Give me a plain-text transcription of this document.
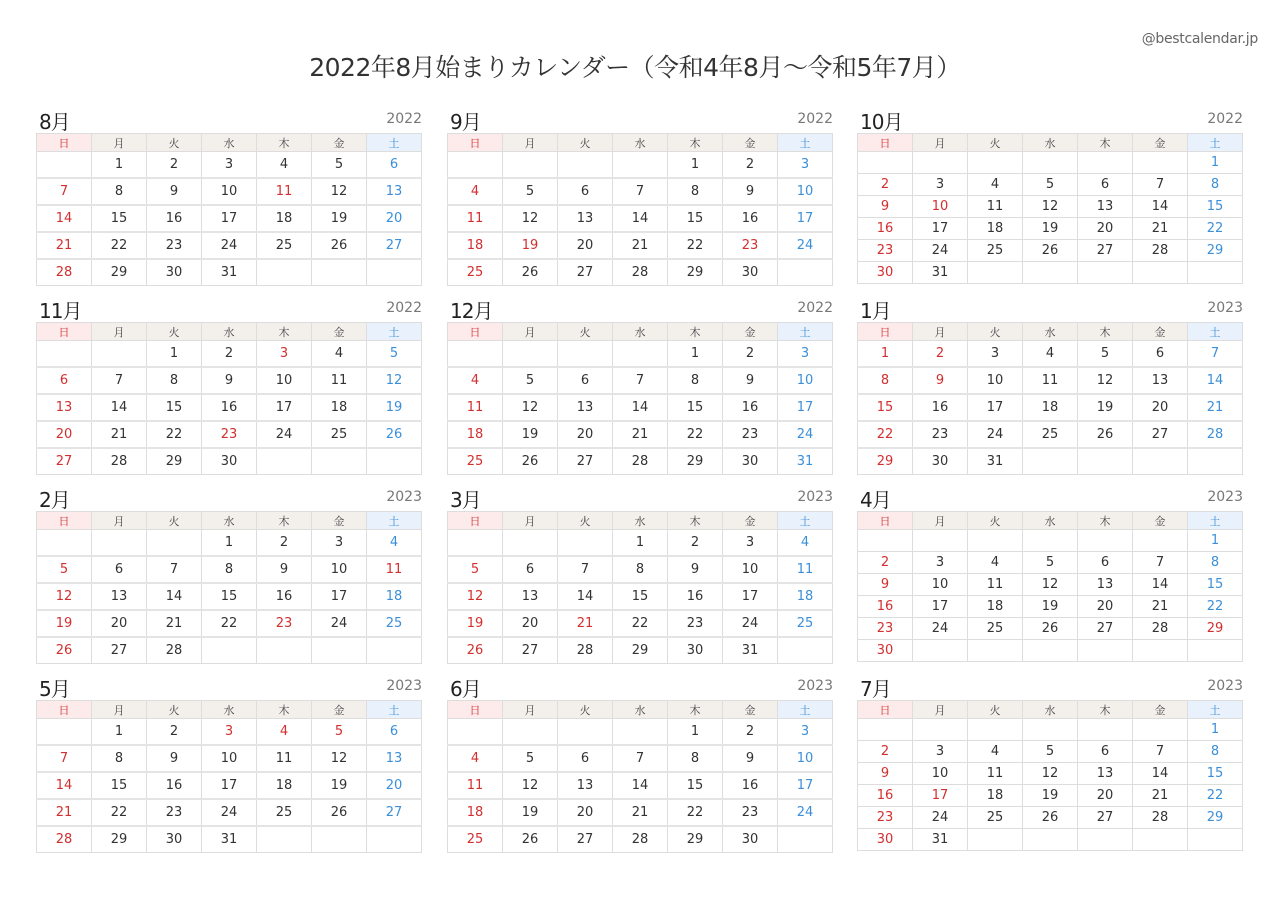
@bestcalendar.jp
2022年8月始まりカレンダー（令和4年8月〜令和5年7月）
8月	2022
日	月	火	水	木	金	土
	1	2	3	4	5	6
7	8	9	10	11	12	13
14	15	16	17	18	19	20
21	22	23	24	25	26	27
28	29	30	31			
9月	2022
日	月	火	水	木	金	土
				1	2	3
4	5	6	7	8	9	10
11	12	13	14	15	16	17
18	19	20	21	22	23	24
25	26	27	28	29	30	
10月	2022
日	月	火	水	木	金	土
						1
2	3	4	5	6	7	8
9	10	11	12	13	14	15
16	17	18	19	20	21	22
23	24	25	26	27	28	29
30	31					
11月	2022
日	月	火	水	木	金	土
		1	2	3	4	5
6	7	8	9	10	11	12
13	14	15	16	17	18	19
20	21	22	23	24	25	26
27	28	29	30			
12月	2022
日	月	火	水	木	金	土
				1	2	3
4	5	6	7	8	9	10
11	12	13	14	15	16	17
18	19	20	21	22	23	24
25	26	27	28	29	30	31
1月	2023
日	月	火	水	木	金	土
1	2	3	4	5	6	7
8	9	10	11	12	13	14
15	16	17	18	19	20	21
22	23	24	25	26	27	28
29	30	31				
2月	2023
日	月	火	水	木	金	土
			1	2	3	4
5	6	7	8	9	10	11
12	13	14	15	16	17	18
19	20	21	22	23	24	25
26	27	28				
3月	2023
日	月	火	水	木	金	土
			1	2	3	4
5	6	7	8	9	10	11
12	13	14	15	16	17	18
19	20	21	22	23	24	25
26	27	28	29	30	31	
4月	2023
日	月	火	水	木	金	土
						1
2	3	4	5	6	7	8
9	10	11	12	13	14	15
16	17	18	19	20	21	22
23	24	25	26	27	28	29
30						
5月	2023
日	月	火	水	木	金	土
	1	2	3	4	5	6
7	8	9	10	11	12	13
14	15	16	17	18	19	20
21	22	23	24	25	26	27
28	29	30	31			
6月	2023
日	月	火	水	木	金	土
				1	2	3
4	5	6	7	8	9	10
11	12	13	14	15	16	17
18	19	20	21	22	23	24
25	26	27	28	29	30	
7月	2023
日	月	火	水	木	金	土
						1
2	3	4	5	6	7	8
9	10	11	12	13	14	15
16	17	18	19	20	21	22
23	24	25	26	27	28	29
30	31					
